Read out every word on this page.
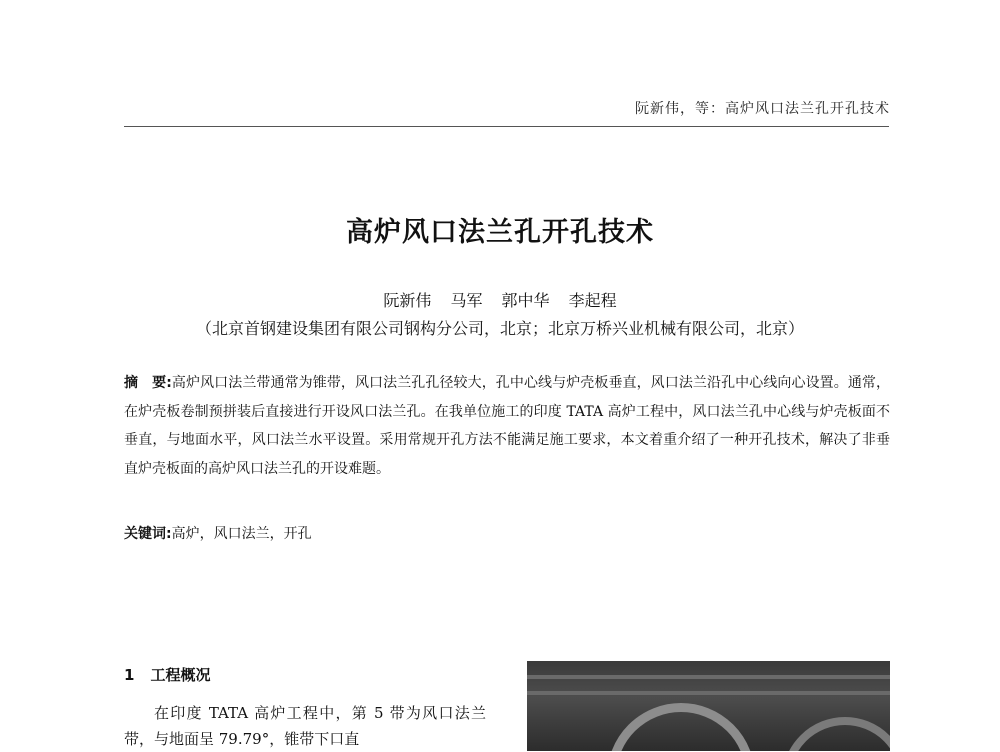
阮新伟，等：高炉风口法兰孔开孔技术
高炉风口法兰孔开孔技术
阮新伟 马军 郭中华 李起程
（北京首钢建设集团有限公司钢构分公司，北京；北京万桥兴业机械有限公司，北京）
摘　要:高炉风口法兰带通常为锥带，风口法兰孔孔径较大，孔中心线与炉壳板垂直，风口法兰沿孔中心线向心设置。通常，在炉壳板卷制预拼装后直接进行开设风口法兰孔。在我单位施工的印度 TATA 高炉工程中，风口法兰孔中心线与炉壳板面不垂直，与地面水平，风口法兰水平设置。采用常规开孔方法不能满足施工要求，本文着重介绍了一种开孔技术，解决了非垂直炉壳板面的高炉风口法兰孔的开设难题。
关键词:高炉，风口法兰，开孔
1 工程概况
在印度 TATA 高炉工程中，第 5 带为风口法兰带，与地面呈 79.79°，锥带下口直
